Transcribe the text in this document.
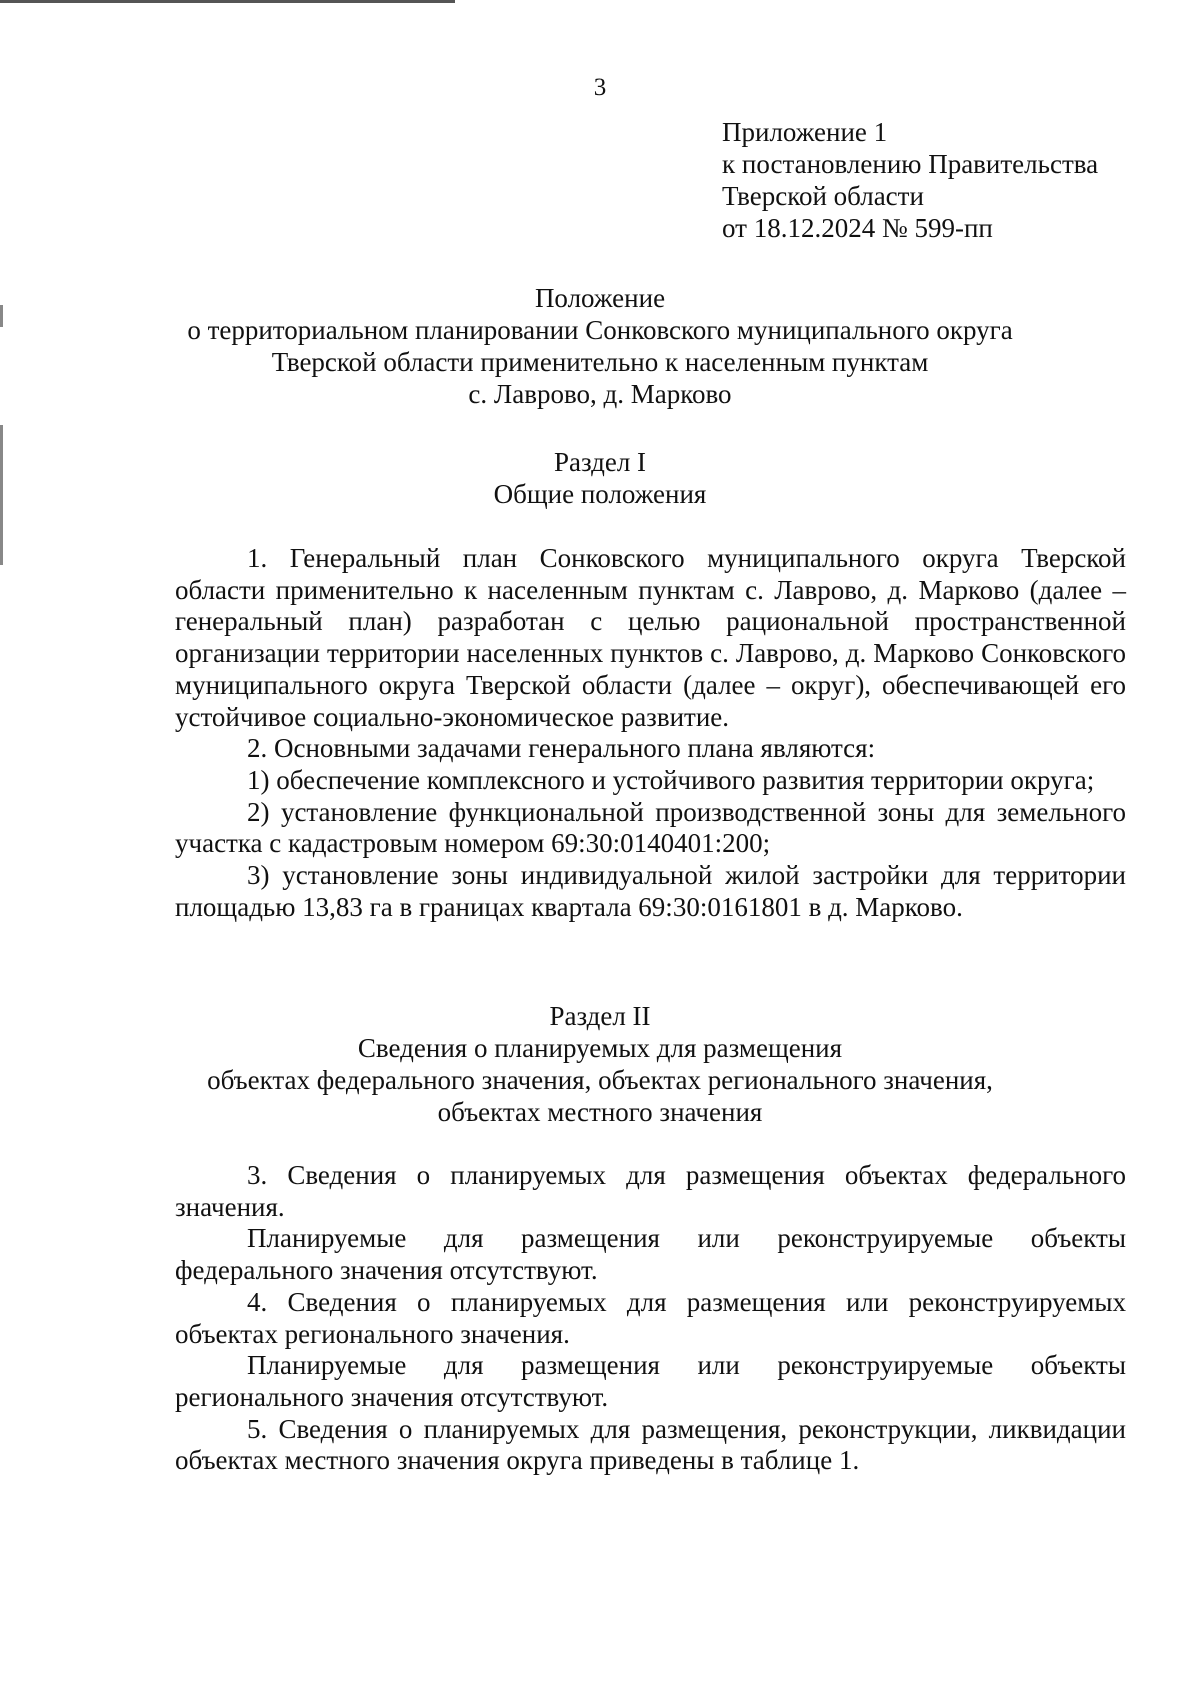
3
Приложение 1
к постановлению Правительства
Тверской области
от 18.12.2024 № 599-пп
Положение
о территориальном планировании Сонковского муниципального округа
Тверской области применительно к населенным пунктам
с. Лаврово, д. Марково
Раздел I
Общие положения

1. Генеральный план Сонковского муниципального округа Тверской области применительно к населенным пунктам с. Лаврово, д. Марково (далее – генеральный план) разработан с целью рациональной пространственной организации территории населенных пунктов с. Лаврово, д. Марково Сонковского муниципального округа Тверской области (далее – округ), обеспечивающей его устойчивое социально-экономическое развитие.

2. Основными задачами генерального плана являются:

1) обеспечение комплексного и устойчивого развития территории округа;

2) установление функциональной производственной зоны для земельного участка с кадастровым номером 69:30:0140401:200;

3) установление зоны индивидуальной жилой застройки для территории площадью 13,83 га в границах квартала 69:30:0161801 в д. Марково.

Раздел II
Сведения о планируемых для размещения
объектах федерального значения, объектах регионального значения,
объектах местного значения

3. Сведения о планируемых для размещения объектах федерального значения.

Планируемые для размещения или реконструируемые объекты федерального значения отсутствуют.

4. Сведения о планируемых для размещения или реконструируемых объектах регионального значения.

Планируемые для размещения или реконструируемые объекты регионального значения отсутствуют.

5. Сведения о планируемых для размещения, реконструкции, ликвидации объектах местного значения округа приведены в таблице 1.
